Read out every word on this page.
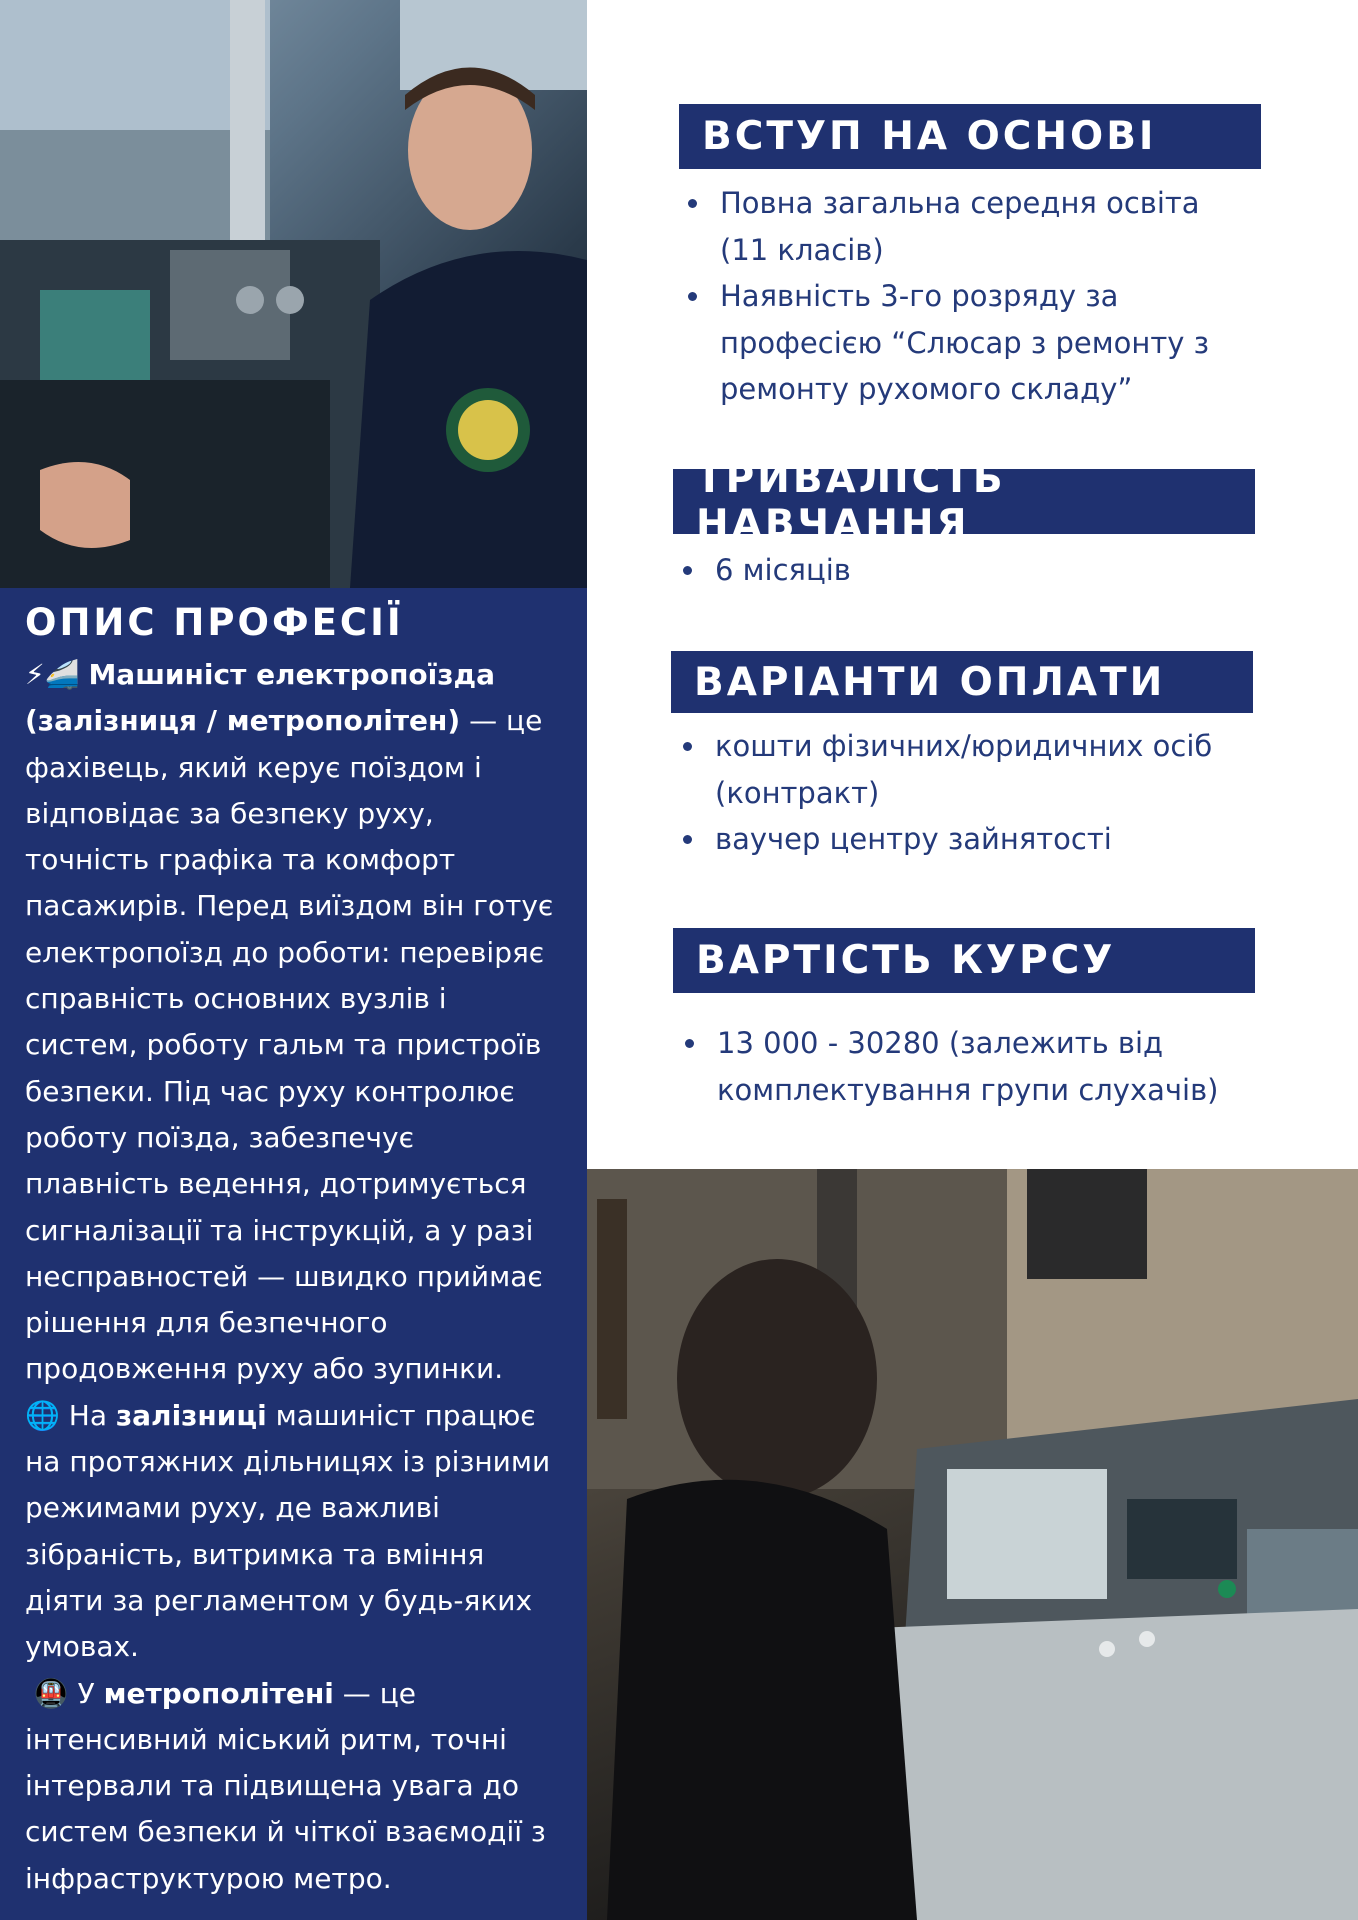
ОПИС ПРОФЕСІЇ

⚡🚄 Машиніст електропоїзда (залізниця / метрополітен) — це фахівець, який керує поїздом і відповідає за безпеку руху, точність графіка та комфорт пасажирів. Перед виїздом він готує електропоїзд до роботи: перевіряє справність основних вузлів і систем, роботу гальм та пристроїв безпеки. Під час руху контролює роботу поїзда, забезпечує плавність ведення, дотримується сигналізації та інструкцій, а у разі несправностей — швидко приймає рішення для безпечного продовження руху або зупинки.

🌐 На залізниці машиніст працює на протяжних дільницях із різними режимами руху, де важливі зібраність, витримка та вміння діяти за регламентом у будь-яких умовах.

🚇 У метрополітені — це інтенсивний міський ритм, точні інтервали та підвищена увага до систем безпеки й чіткої взаємодії з інфраструктурою метро.

ВСТУП НА ОСНОВІ
Повна загальна середня освіта (11 класів)
Наявність 3-го розряду за професією “Слюсар з ремонту з ремонту рухомого складу”
ТРИВАЛІСТЬ НАВЧАННЯ
6 місяців
ВАРІАНТИ ОПЛАТИ
кошти фізичних/юридичних осіб (контракт)
ваучер центру зайнятості
ВАРТІСТЬ КУРСУ
13 000 - 30280 (залежить від комплектування групи слухачів)
